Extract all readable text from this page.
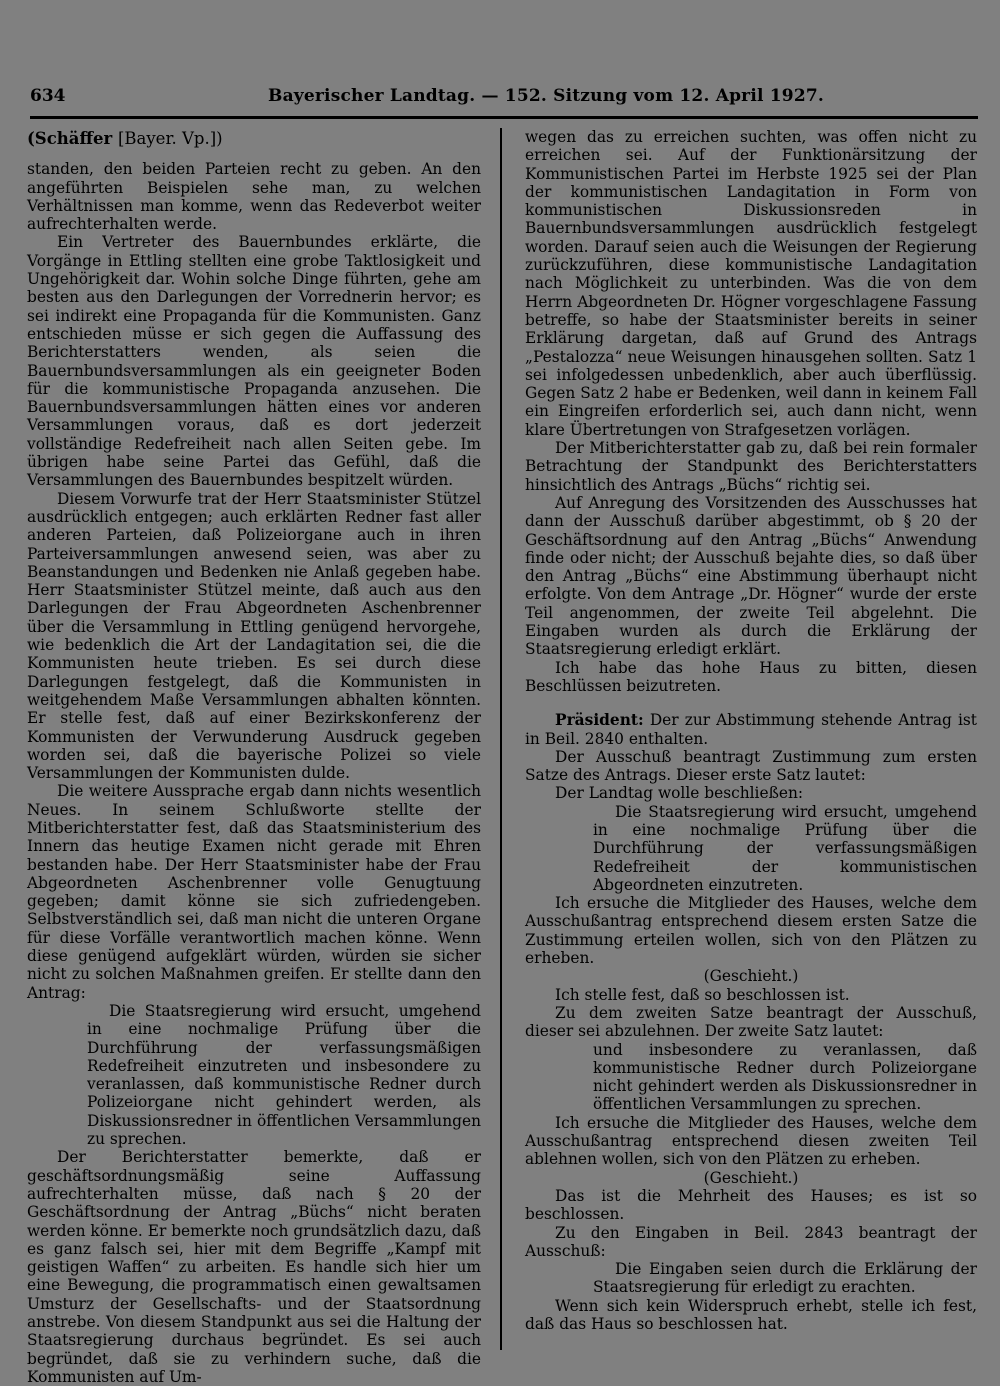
634	Bayerischer Landtag. — 152. Sitzung vom 12. April 1927.
(Schäffer [Bayer. Vp.])

standen, den beiden Parteien recht zu geben. An den angeführten Beispielen sehe man, zu welchen Verhältnissen man komme, wenn das Redeverbot weiter aufrechterhalten werde.

Ein Vertreter des Bauernbundes erklärte, die Vorgänge in Ettling stellten eine grobe Taktlosigkeit und Ungehörigkeit dar. Wohin solche Dinge führten, gehe am besten aus den Darlegungen der Vorrednerin hervor; es sei indirekt eine Propaganda für die Kommunisten. Ganz entschieden müsse er sich gegen die Auffassung des Berichterstatters wenden, als seien die Bauernbundsversammlungen als ein geeigneter Boden für die kommunistische Propaganda anzusehen. Die Bauernbundsversammlungen hätten eines vor anderen Versammlungen voraus, daß es dort jederzeit vollständige Redefreiheit nach allen Seiten gebe. Im übrigen habe seine Partei das Gefühl, daß die Versammlungen des Bauernbundes bespitzelt würden.

Diesem Vorwurfe trat der Herr Staatsminister Stützel ausdrücklich entgegen; auch erklärten Redner fast aller anderen Parteien, daß Polizeiorgane auch in ihren Parteiversammlungen anwesend seien, was aber zu Beanstandungen und Bedenken nie Anlaß gegeben habe. Herr Staatsminister Stützel meinte, daß auch aus den Darlegungen der Frau Abgeordneten Aschenbrenner über die Versammlung in Ettling genügend hervorgehe, wie bedenklich die Art der Landagitation sei, die die Kommunisten heute trieben. Es sei durch diese Darlegungen festgelegt, daß die Kommunisten in weitgehendem Maße Versammlungen abhalten könnten. Er stelle fest, daß auf einer Bezirkskonferenz der Kommunisten der Verwunderung Ausdruck gegeben worden sei, daß die bayerische Polizei so viele Versammlungen der Kommunisten dulde.

Die weitere Aussprache ergab dann nichts wesentlich Neues. In seinem Schlußworte stellte der Mitberichterstatter fest, daß das Staatsministerium des Innern das heutige Examen nicht gerade mit Ehren bestanden habe. Der Herr Staatsminister habe der Frau Abgeordneten Aschenbrenner volle Genugtuung gegeben; damit könne sie sich zufriedengeben. Selbstverständlich sei, daß man nicht die unteren Organe für diese Vorfälle verantwortlich machen könne. Wenn diese genügend aufgeklärt würden, würden sie sicher nicht zu solchen Maßnahmen greifen. Er stellte dann den Antrag:

Die Staatsregierung wird ersucht, umgehend in eine nochmalige Prüfung über die Durchführung der verfassungsmäßigen Redefreiheit einzutreten und insbesondere zu veranlassen, daß kommunistische Redner durch Polizeiorgane nicht gehindert werden, als Diskussionsredner in öffentlichen Versammlungen zu sprechen.

Der Berichterstatter bemerkte, daß er geschäftsordnungsmäßig seine Auffassung aufrechterhalten müsse, daß nach § 20 der Geschäftsordnung der Antrag „Büchs“ nicht beraten werden könne. Er bemerkte noch grundsätzlich dazu, daß es ganz falsch sei, hier mit dem Begriffe „Kampf mit geistigen Waffen“ zu arbeiten. Es handle sich hier um eine Bewegung, die programmatisch einen gewaltsamen Umsturz der Gesellschafts- und der Staatsordnung anstrebe. Von diesem Standpunkt aus sei die Haltung der Staatsregierung durchaus begründet. Es sei auch begründet, daß sie zu verhindern suche, daß die Kommunisten auf Um-

wegen das zu erreichen suchten, was offen nicht zu erreichen sei. Auf der Funktionärsitzung der Kommunistischen Partei im Herbste 1925 sei der Plan der kommunistischen Landagitation in Form von kommunistischen Diskussionsreden in Bauernbundsversammlungen ausdrücklich festgelegt worden. Darauf seien auch die Weisungen der Regierung zurückzuführen, diese kommunistische Landagitation nach Möglichkeit zu unterbinden. Was die von dem Herrn Abgeordneten Dr. Högner vorgeschlagene Fassung betreffe, so habe der Staatsminister bereits in seiner Erklärung dargetan, daß auf Grund des Antrags „Pestalozza“ neue Weisungen hinausgehen sollten. Satz 1 sei infolgedessen unbedenklich, aber auch überflüssig. Gegen Satz 2 habe er Bedenken, weil dann in keinem Fall ein Eingreifen erforderlich sei, auch dann nicht, wenn klare Übertretungen von Strafgesetzen vorlägen.

Der Mitberichterstatter gab zu, daß bei rein formaler Betrachtung der Standpunkt des Berichterstatters hinsichtlich des Antrags „Büchs“ richtig sei.

Auf Anregung des Vorsitzenden des Ausschusses hat dann der Ausschuß darüber abgestimmt, ob § 20 der Geschäftsordnung auf den Antrag „Büchs“ Anwendung finde oder nicht; der Ausschuß bejahte dies, so daß über den Antrag „Büchs“ eine Abstimmung überhaupt nicht erfolgte. Von dem Antrage „Dr. Högner“ wurde der erste Teil angenommen, der zweite Teil abgelehnt. Die Eingaben wurden als durch die Erklärung der Staatsregierung erledigt erklärt.

Ich habe das hohe Haus zu bitten, diesen Beschlüssen beizutreten.

Präsident: Der zur Abstimmung stehende Antrag ist in Beil. 2840 enthalten.

Der Ausschuß beantragt Zustimmung zum ersten Satze des Antrags. Dieser erste Satz lautet:

Der Landtag wolle beschließen:

Die Staatsregierung wird ersucht, umgehend in eine nochmalige Prüfung über die Durchführung der verfassungsmäßigen Redefreiheit der kommunistischen Abgeordneten einzutreten.

Ich ersuche die Mitglieder des Hauses, welche dem Ausschußantrag entsprechend diesem ersten Satze die Zustimmung erteilen wollen, sich von den Plätzen zu erheben.

(Geschieht.)

Ich stelle fest, daß so beschlossen ist.

Zu dem zweiten Satze beantragt der Ausschuß, dieser sei abzulehnen. Der zweite Satz lautet:

und insbesondere zu veranlassen, daß kommunistische Redner durch Polizeiorgane nicht gehindert werden als Diskussionsredner in öffentlichen Versammlungen zu sprechen.

Ich ersuche die Mitglieder des Hauses, welche dem Ausschußantrag entsprechend diesen zweiten Teil ablehnen wollen, sich von den Plätzen zu erheben.

(Geschieht.)

Das ist die Mehrheit des Hauses; es ist so beschlossen.

Zu den Eingaben in Beil. 2843 beantragt der Ausschuß:

Die Eingaben seien durch die Erklärung der Staatsregierung für erledigt zu erachten.

Wenn sich kein Widerspruch erhebt, stelle ich fest, daß das Haus so beschlossen hat.
